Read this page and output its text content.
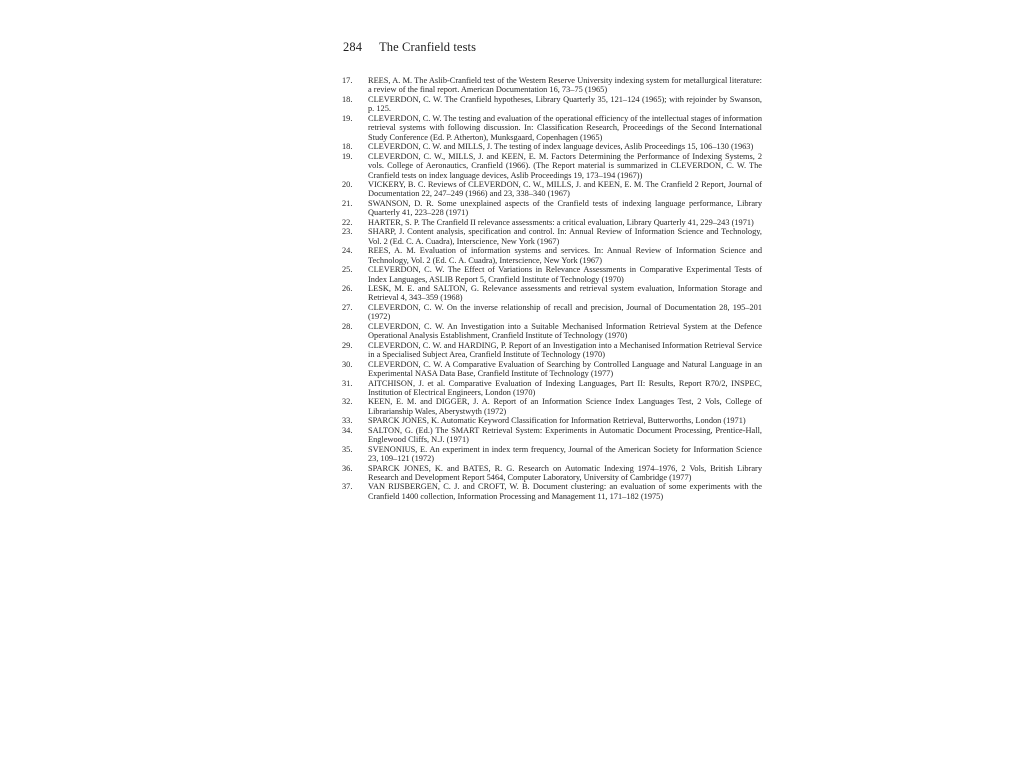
284 The Cranfield tests
17. REES, A. M. The Aslib-Cranfield test of the Western Reserve University indexing system for metallurgical literature: a review of the final report. American Documentation 16, 73–75 (1965)
18. CLEVERDON, C. W. The Cranfield hypotheses, Library Quarterly 35, 121–124 (1965); with rejoinder by Swanson, p. 125.
19. CLEVERDON, C. W. The testing and evaluation of the operational efficiency of the intellectual stages of information retrieval systems with following discussion. In: Classification Research, Proceedings of the Second International Study Conference (Ed. P. Atherton), Munksgaard, Copenhagen (1965)
18. CLEVERDON, C. W. and MILLS, J. The testing of index language devices, Aslib Proceedings 15, 106–130 (1963)
19. CLEVERDON, C. W., MILLS, J. and KEEN, E. M. Factors Determining the Performance of Indexing Systems, 2 vols. College of Aeronautics, Cranfield (1966). (The Report material is summarized in CLEVERDON, C. W. The Cranfield tests on index language devices, Aslib Proceedings 19, 173–194 (1967))
20. VICKERY, B. C. Reviews of CLEVERDON, C. W., MILLS, J. and KEEN, E. M. The Cranfield 2 Report, Journal of Documentation 22, 247–249 (1966) and 23, 338–340 (1967)
21. SWANSON, D. R. Some unexplained aspects of the Cranfield tests of indexing language performance, Library Quarterly 41, 223–228 (1971)
22. HARTER, S. P. The Cranfield II relevance assessments: a critical evaluation, Library Quarterly 41, 229–243 (1971)
23. SHARP, J. Content analysis, specification and control. In: Annual Review of Information Science and Technology, Vol. 2 (Ed. C. A. Cuadra), Interscience, New York (1967)
24. REES, A. M. Evaluation of information systems and services. In: Annual Review of Information Science and Technology, Vol. 2 (Ed. C. A. Cuadra), Interscience, New York (1967)
25. CLEVERDON, C. W. The Effect of Variations in Relevance Assessments in Comparative Experimental Tests of Index Languages, ASLIB Report 5, Cranfield Institute of Technology (1970)
26. LESK, M. E. and SALTON, G. Relevance assessments and retrieval system evaluation, Information Storage and Retrieval 4, 343–359 (1968)
27. CLEVERDON, C. W. On the inverse relationship of recall and precision, Journal of Documentation 28, 195–201 (1972)
28. CLEVERDON, C. W. An Investigation into a Suitable Mechanised Information Retrieval System at the Defence Operational Analysis Establishment, Cranfield Institute of Technology (1970)
29. CLEVERDON, C. W. and HARDING, P. Report of an Investigation into a Mechanised Information Retrieval Service in a Specialised Subject Area, Cranfield Institute of Technology (1970)
30. CLEVERDON, C. W. A Comparative Evaluation of Searching by Controlled Language and Natural Language in an Experimental NASA Data Base, Cranfield Institute of Technology (1977)
31. AITCHISON, J. et al. Comparative Evaluation of Indexing Languages, Part II: Results, Report R70/2, INSPEC, Institution of Electrical Engineers, London (1970)
32. KEEN, E. M. and DIGGER, J. A. Report of an Information Science Index Languages Test, 2 Vols, College of Librarianship Wales, Aberystwyth (1972)
33. SPARCK JONES, K. Automatic Keyword Classification for Information Retrieval, Butterworths, London (1971)
34. SALTON, G. (Ed.) The SMART Retrieval System: Experiments in Automatic Document Processing, Prentice-Hall, Englewood Cliffs, N.J. (1971)
35. SVENONIUS, E. An experiment in index term frequency, Journal of the American Society for Information Science 23, 109–121 (1972)
36. SPARCK JONES, K. and BATES, R. G. Research on Automatic Indexing 1974–1976, 2 Vols, British Library Research and Development Report 5464, Computer Laboratory, University of Cambridge (1977)
37. VAN RIJSBERGEN, C. J. and CROFT, W. B. Document clustering: an evaluation of some experiments with the Cranfield 1400 collection, Information Processing and Management 11, 171–182 (1975)
